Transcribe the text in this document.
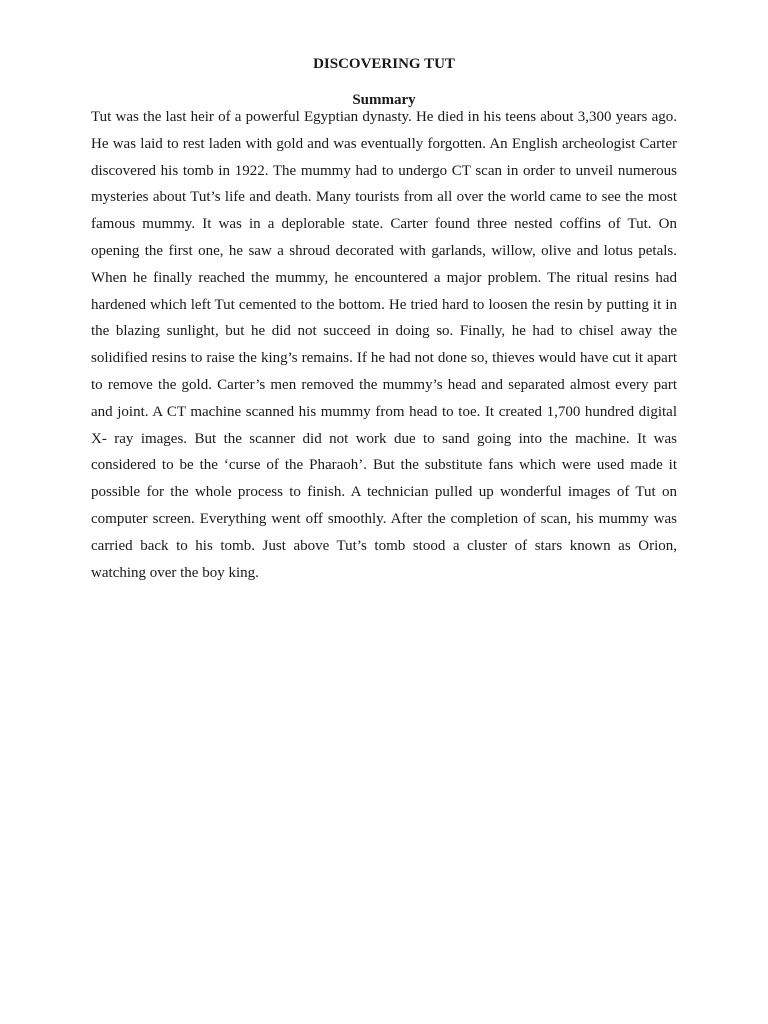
DISCOVERING TUT
Summary
Tut was the last heir of a powerful Egyptian dynasty. He died in his teens about 3,300 years ago.
He was laid to rest laden with gold and was eventually forgotten. An English archeologist Carter
discovered his tomb in 1922. The mummy had to undergo CT scan in order to unveil numerous
mysteries about Tut’s life and death. Many tourists from all over the world came to see the most
famous mummy. It was in a deplorable state. Carter found three nested coffins of Tut. On
opening the first one, he saw a shroud decorated with garlands, willow, olive and lotus petals.
When he finally reached the mummy, he encountered a major problem. The ritual resins had
hardened which left Tut cemented to the bottom. He tried hard to loosen the resin by putting it in
the blazing sunlight, but he did not succeed in doing so. Finally, he had to chisel away the
solidified resins to raise the king’s remains. If he had not done so, thieves would have cut it apart
to remove the gold. Carter’s men removed the mummy’s head and separated almost every part
and joint. A CT machine scanned his mummy from head to toe. It created 1,700 hundred digital
X- ray images. But the scanner did not work due to sand going into the machine. It was
considered to be the ‘curse of the Pharaoh’. But the substitute fans which were used made it
possible for the whole process to finish. A technician pulled up wonderful images of Tut on
computer screen. Everything went off smoothly. After the completion of scan, his mummy was
carried back to his tomb. Just above Tut’s tomb stood a cluster of stars known as Orion,
watching over the boy king.
